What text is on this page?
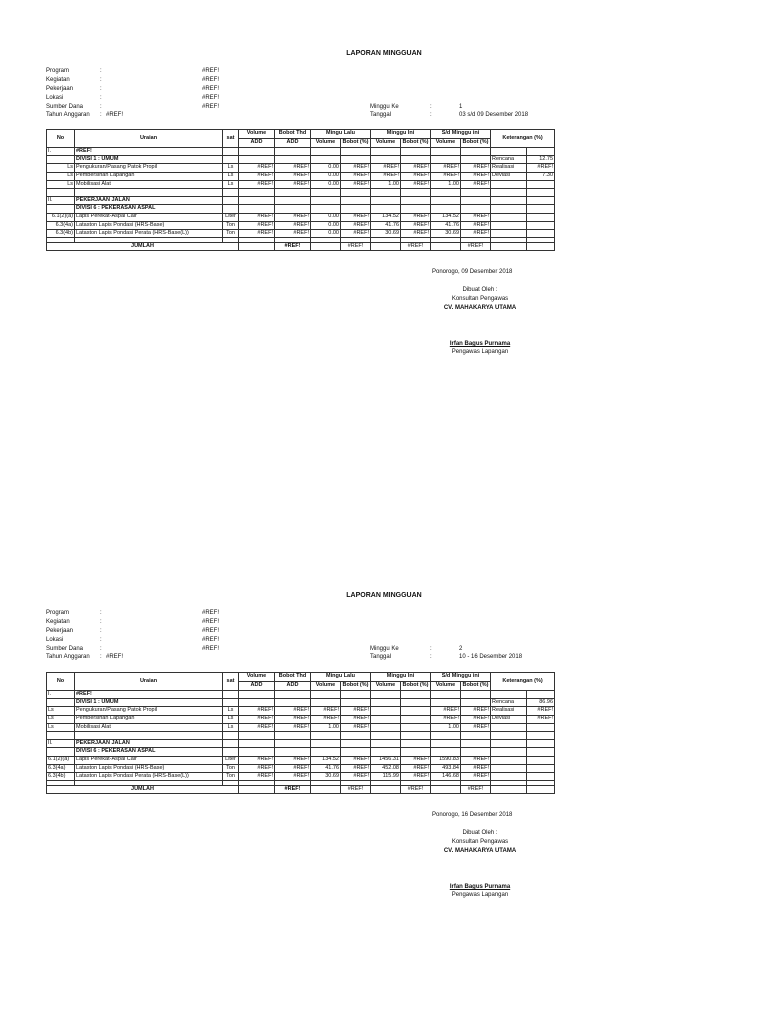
LAPORAN MINGGUAN
Program	:	#REF!
Kegiatan	:	#REF!
Pekerjaan	:	#REF!
Lokasi	:	#REF!
Sumber Dana	:	#REF!
Tahun Anggaran : #REF!
Minggu Ke	:	1
Tanggal	:	03 s/d 09 Desember 2018
No	Uraian	sat	Volume	Bobot Thd	Mingu Lalu		Minggu Ini		S/d Minggu ini		Keterangan (%)	
			ADD	ADD	Volume	Bobot (%)	Volume	Bobot (%)	Volume	Bobot (%)		
I.	#REF!											
	DIVISI 1 : UMUM										Rencana	12.75
Ls	Pengukuran/Pasang Patok Propil	Ls	#REF!	#REF!	0.00	#REF!	#REF!	#REF!	#REF!	#REF!	Realisasi	#REF!
Ls	Pembersihan Lapangan	Ls	#REF!	#REF!	0.00	#REF!	#REF!	#REF!	#REF!	#REF!	Deviasi	7.30
Ls	Mobilisasi Alat	Ls	#REF!	#REF!	0.00	#REF!	1.00	#REF!	1.00	#REF!		

II.	PEKERJAAN JALAN											
	DIVISI 6 : PEKERASAN ASPAL											
6.1(2)(a)	Lapis Perekat-Aspal Cair	Liter	#REF!	#REF!	0.00	#REF!	134.52	#REF!	134.52	#REF!		
6.3(4a)	Lataston Lapis Pondasi (HRS-Base)	Ton	#REF!	#REF!	0.00	#REF!	41.76	#REF!	41.76	#REF!		
6.3(4b)	Lataston Lapis Pondasi Perata (HRS-Base(L))	Ton	#REF!	#REF!	0.00	#REF!	30.69	#REF!	30.69	#REF!		

JUMLAH				#REF!		#REF!		#REF!		#REF!		
Ponorogo, 09 Desember 2018
Dibuat Oleh :
Konsultan Pengawas
CV. MAHAKARYA UTAMA
Irfan Bagus Purnama
Pengawas Lapangan
LAPORAN MINGGUAN
Program	:	#REF!
Kegiatan	:	#REF!
Pekerjaan	:	#REF!
Lokasi	:	#REF!
Sumber Dana	:	#REF!
Tahun Anggaran : #REF!
Minggu Ke	:	2
Tanggal	:	10 - 16 Desember 2018
No	Uraian	sat	Volume	Bobot Thd	Mingu Lalu		Minggu Ini		S/d Minggu ini		Keterangan (%)	
			ADD	ADD	Volume	Bobot (%)	Volume	Bobot (%)	Volume	Bobot (%)		
I.	#REF!											
	DIVISI 1 : UMUM										Rencana	86.96
Ls	Pengukuran/Pasang Patok Propil	Ls	#REF!	#REF!	#REF!	#REF!			#REF!	#REF!	Realisasi	#REF!
Ls	Pembersihan Lapangan	Ls	#REF!	#REF!	#REF!	#REF!			#REF!	#REF!	Deviasi	#REF!
Ls	Mobilisasi Alat	Ls	#REF!	#REF!	1.00	#REF!			1.00	#REF!		

II.	PEKERJAAN JALAN											
	DIVISI 6 : PEKERASAN ASPAL											
6.1(2)(a)	Lapis Perekat-Aspal Cair	Liter	#REF!	#REF!	134.52	#REF!	1456.31	#REF!	1590.83	#REF!		
6.3(4a)	Lataston Lapis Pondasi (HRS-Base)	Ton	#REF!	#REF!	41.76	#REF!	452.08	#REF!	493.84	#REF!		
6.3(4b)	Lataston Lapis Pondasi Perata (HRS-Base(L))	Ton	#REF!	#REF!	30.69	#REF!	115.99	#REF!	146.68	#REF!		

JUMLAH				#REF!		#REF!		#REF!		#REF!		
Ponorogo, 16 Desember 2018
Dibuat Oleh :
Konsultan Pengawas
CV. MAHAKARYA UTAMA
Irfan Bagus Purnama
Pengawas Lapangan
